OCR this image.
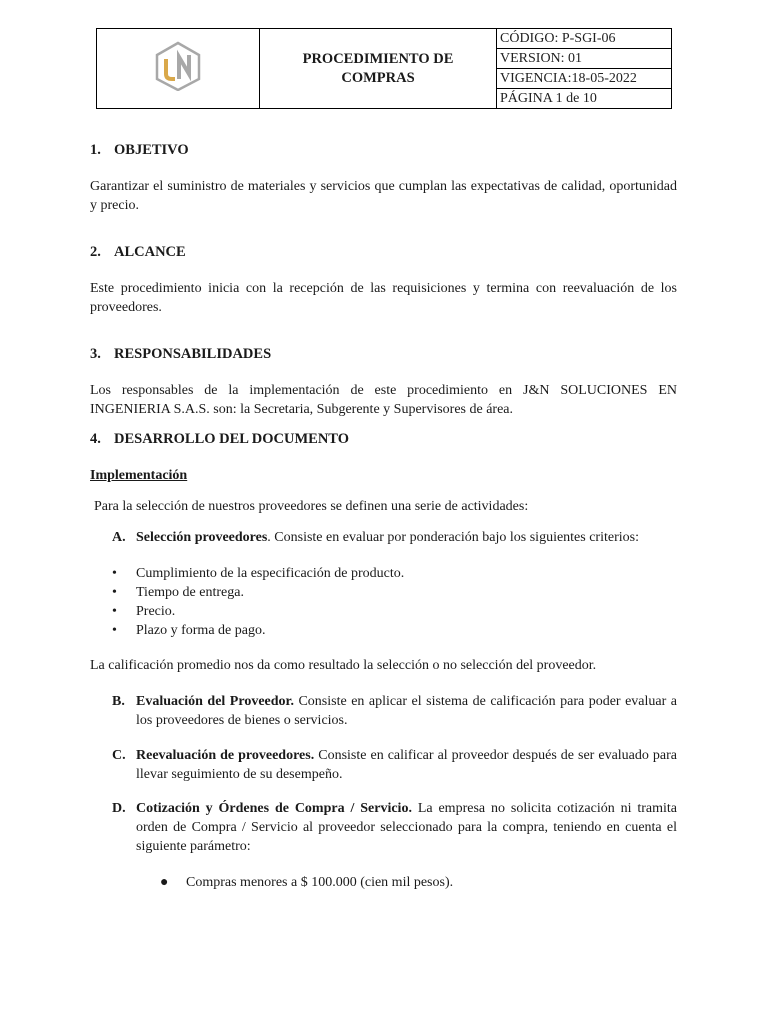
PROCEDIMIENTO DE
COMPRAS
	CÓDIGO: P-SGI-06
VERSION: 01
VIGENCIA:18-05-2022
PÁGINA 1 de 10
1. OBJETIVO
Garantizar el suministro de materiales y servicios que cumplan las expectativas de calidad, oportunidad y precio.
2. ALCANCE
Este procedimiento inicia con la recepción de las requisiciones y termina con reevaluación de los proveedores.
3. RESPONSABILIDADES
Los responsables de la implementación de este procedimiento en J&N SOLUCIONES EN INGENIERIA S.A.S. son: la Secretaria, Subgerente y Supervisores de área.
4. DESARROLLO DEL DOCUMENTO
Implementación
Para la selección de nuestros proveedores se definen una serie de actividades:
A. Selección proveedores. Consiste en evaluar por ponderación bajo los siguientes criterios:
• Cumplimiento de la especificación de producto.
• Tiempo de entrega.
• Precio.
• Plazo y forma de pago.
La calificación promedio nos da como resultado la selección o no selección del proveedor.
B. Evaluación del Proveedor. Consiste en aplicar el sistema de calificación para poder evaluar a los proveedores de bienes o servicios.
C. Reevaluación de proveedores. Consiste en calificar al proveedor después de ser evaluado para llevar seguimiento de su desempeño.
D. Cotización y Órdenes de Compra / Servicio. La empresa no solicita cotización ni tramita orden de Compra / Servicio al proveedor seleccionado para la compra, teniendo en cuenta el siguiente parámetro:
● Compras menores a $ 100.000 (cien mil pesos).
